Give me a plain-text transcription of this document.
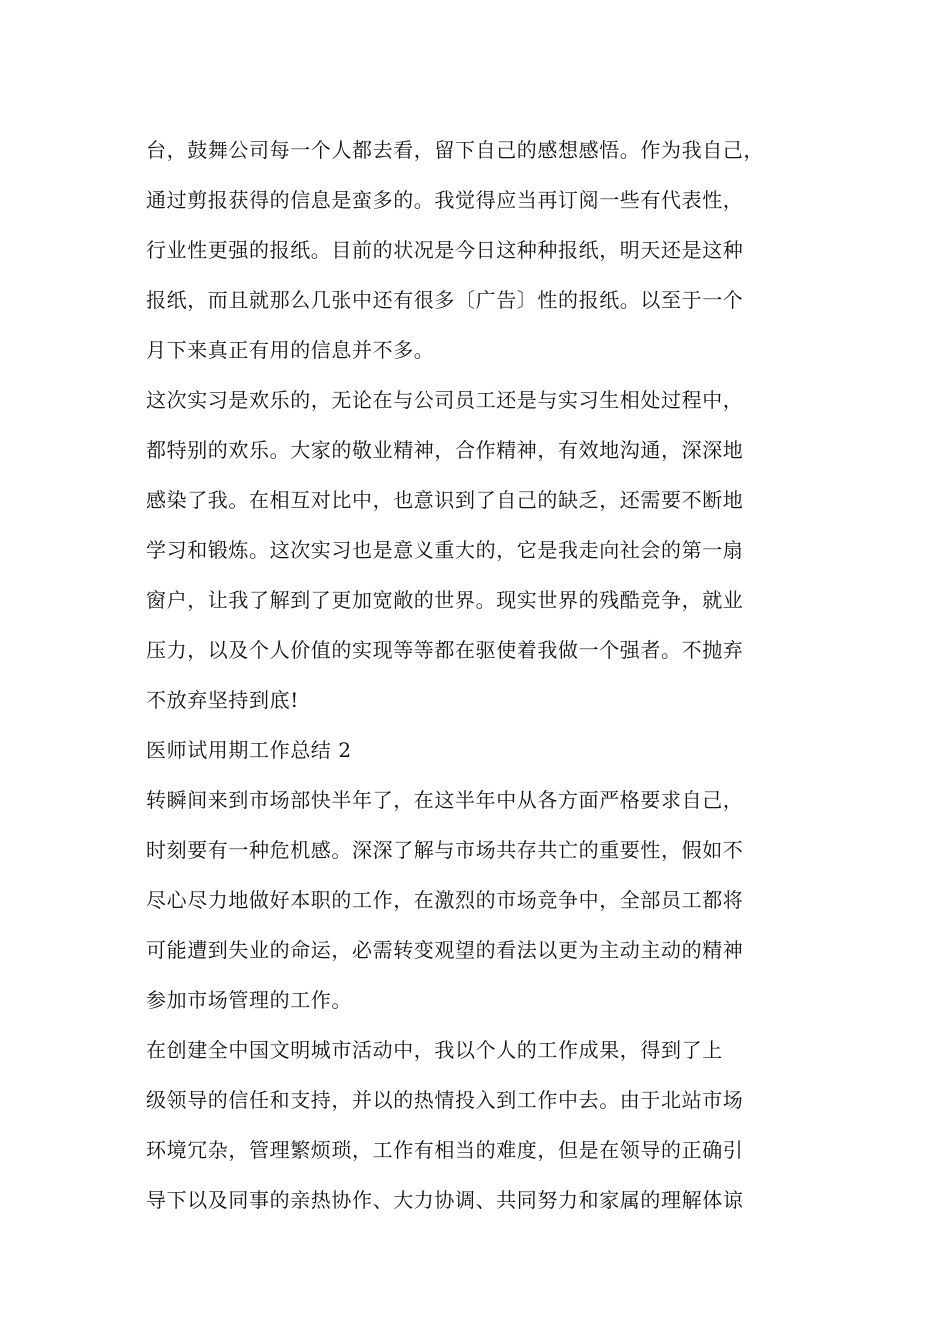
台，鼓舞公司每一个人都去看，留下自己的感想感悟。作为我自己，
通过剪报获得的信息是蛮多的。我觉得应当再订阅一些有代表性，
行业性更强的报纸。目前的状况是今日这种种报纸，明天还是这种
报纸，而且就那么几张中还有很多〔广告〕性的报纸。以至于一个
月下来真正有用的信息并不多。
这次实习是欢乐的，无论在与公司员工还是与实习生相处过程中，
都特别的欢乐。大家的敬业精神，合作精神，有效地沟通，深深地
感染了我。在相互对比中，也意识到了自己的缺乏，还需要不断地
学习和锻炼。这次实习也是意义重大的，它是我走向社会的第一扇
窗户，让我了解到了更加宽敞的世界。现实世界的残酷竞争，就业
压力，以及个人价值的实现等等都在驱使着我做一个强者。不抛弃
不放弃坚持到底!
医师试用期工作总结 2
转瞬间来到市场部快半年了，在这半年中从各方面严格要求自己，
时刻要有一种危机感。深深了解与市场共存共亡的重要性，假如不
尽心尽力地做好本职的工作，在激烈的市场竞争中，全部员工都将
可能遭到失业的命运，必需转变观望的看法以更为主动主动的精神
参加市场管理的工作。
在创建全中国文明城市活动中，我以个人的工作成果，得到了上
级领导的信任和支持，并以的热情投入到工作中去。由于北站市场
环境冗杂，管理繁烦琐，工作有相当的难度，但是在领导的正确引
导下以及同事的亲热协作、大力协调、共同努力和家属的理解体谅
